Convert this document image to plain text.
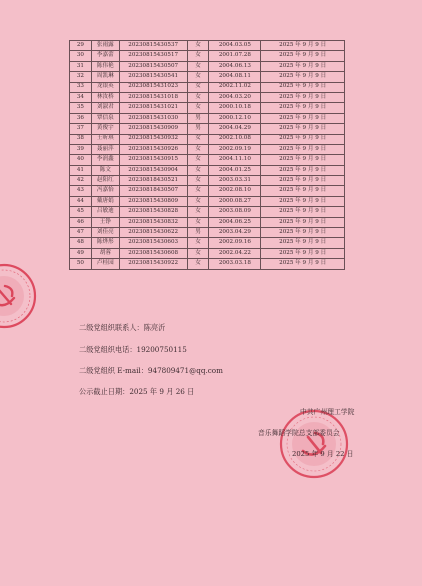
29	张雨露	20230815430537	女	2004.03.05	2025 年 9 月 9 日
30	李嘉蕾	20230815430517	女	2001.07.28	2025 年 9 月 9 日
31	陈伟艳	20230815430507	女	2004.06.13	2025 年 9 月 9 日
32	周凯琳	20230815430541	女	2004.08.11	2025 年 9 月 9 日
33	龙银英	20230815431023	女	2002.11.02	2025 年 9 月 9 日
34	林汝桥	20230815431018	女	2004.03.20	2025 年 9 月 9 日
35	刘淑君	20230815431021	女	2000.10.18	2025 年 9 月 9 日
36	覃信泉	20230815431030	男	2000.12.10	2025 年 9 月 9 日
37	黄俊宇	20230815430909	男	2004.04.29	2025 年 9 月 9 日
38	王昕琪	20230815430932	女	2002.10.08	2025 年 9 月 9 日
39	聂丽萍	20230815430926	女	2002.09.19	2025 年 9 月 9 日
40	李润鑫	20230815430915	女	2004.11.10	2025 年 9 月 9 日
41	陈文	20230815430904	女	2004.01.25	2025 年 9 月 9 日
42	赵阳红	20230818430521	女	2003.03.31	2025 年 9 月 9 日
43	冯嘉怡	20230818430507	女	2002.08.10	2025 年 9 月 9 日
44	戴唐娟	20230815430809	女	2000.08.27	2025 年 9 月 9 日
45	吕敏迪	20230815430828	女	2003.08.09	2025 年 9 月 9 日
46	王铮	20230815430832	女	2004.06.25	2025 年 9 月 9 日
47	刘佳亮	20230815430622	男	2003.04.29	2025 年 9 月 9 日
48	陈烨彤	20230815430603	女	2002.09.16	2025 年 9 月 9 日
49	胡蓉	20230815430608	女	2002.04.22	2025 年 9 月 9 日
50	卢桂园	20230815430922	女	2003.03.18	2025 年 9 月 9 日
二级党组织联系人：陈亮沂
二级党组织电话：19200750115
二级党组织 E-mail：947809471@qq.com
公示截止日期：2025 年 9 月 26 日
中共广州理工学院
音乐舞蹈学院总支部委员会
2025 年 9 月 22 日
